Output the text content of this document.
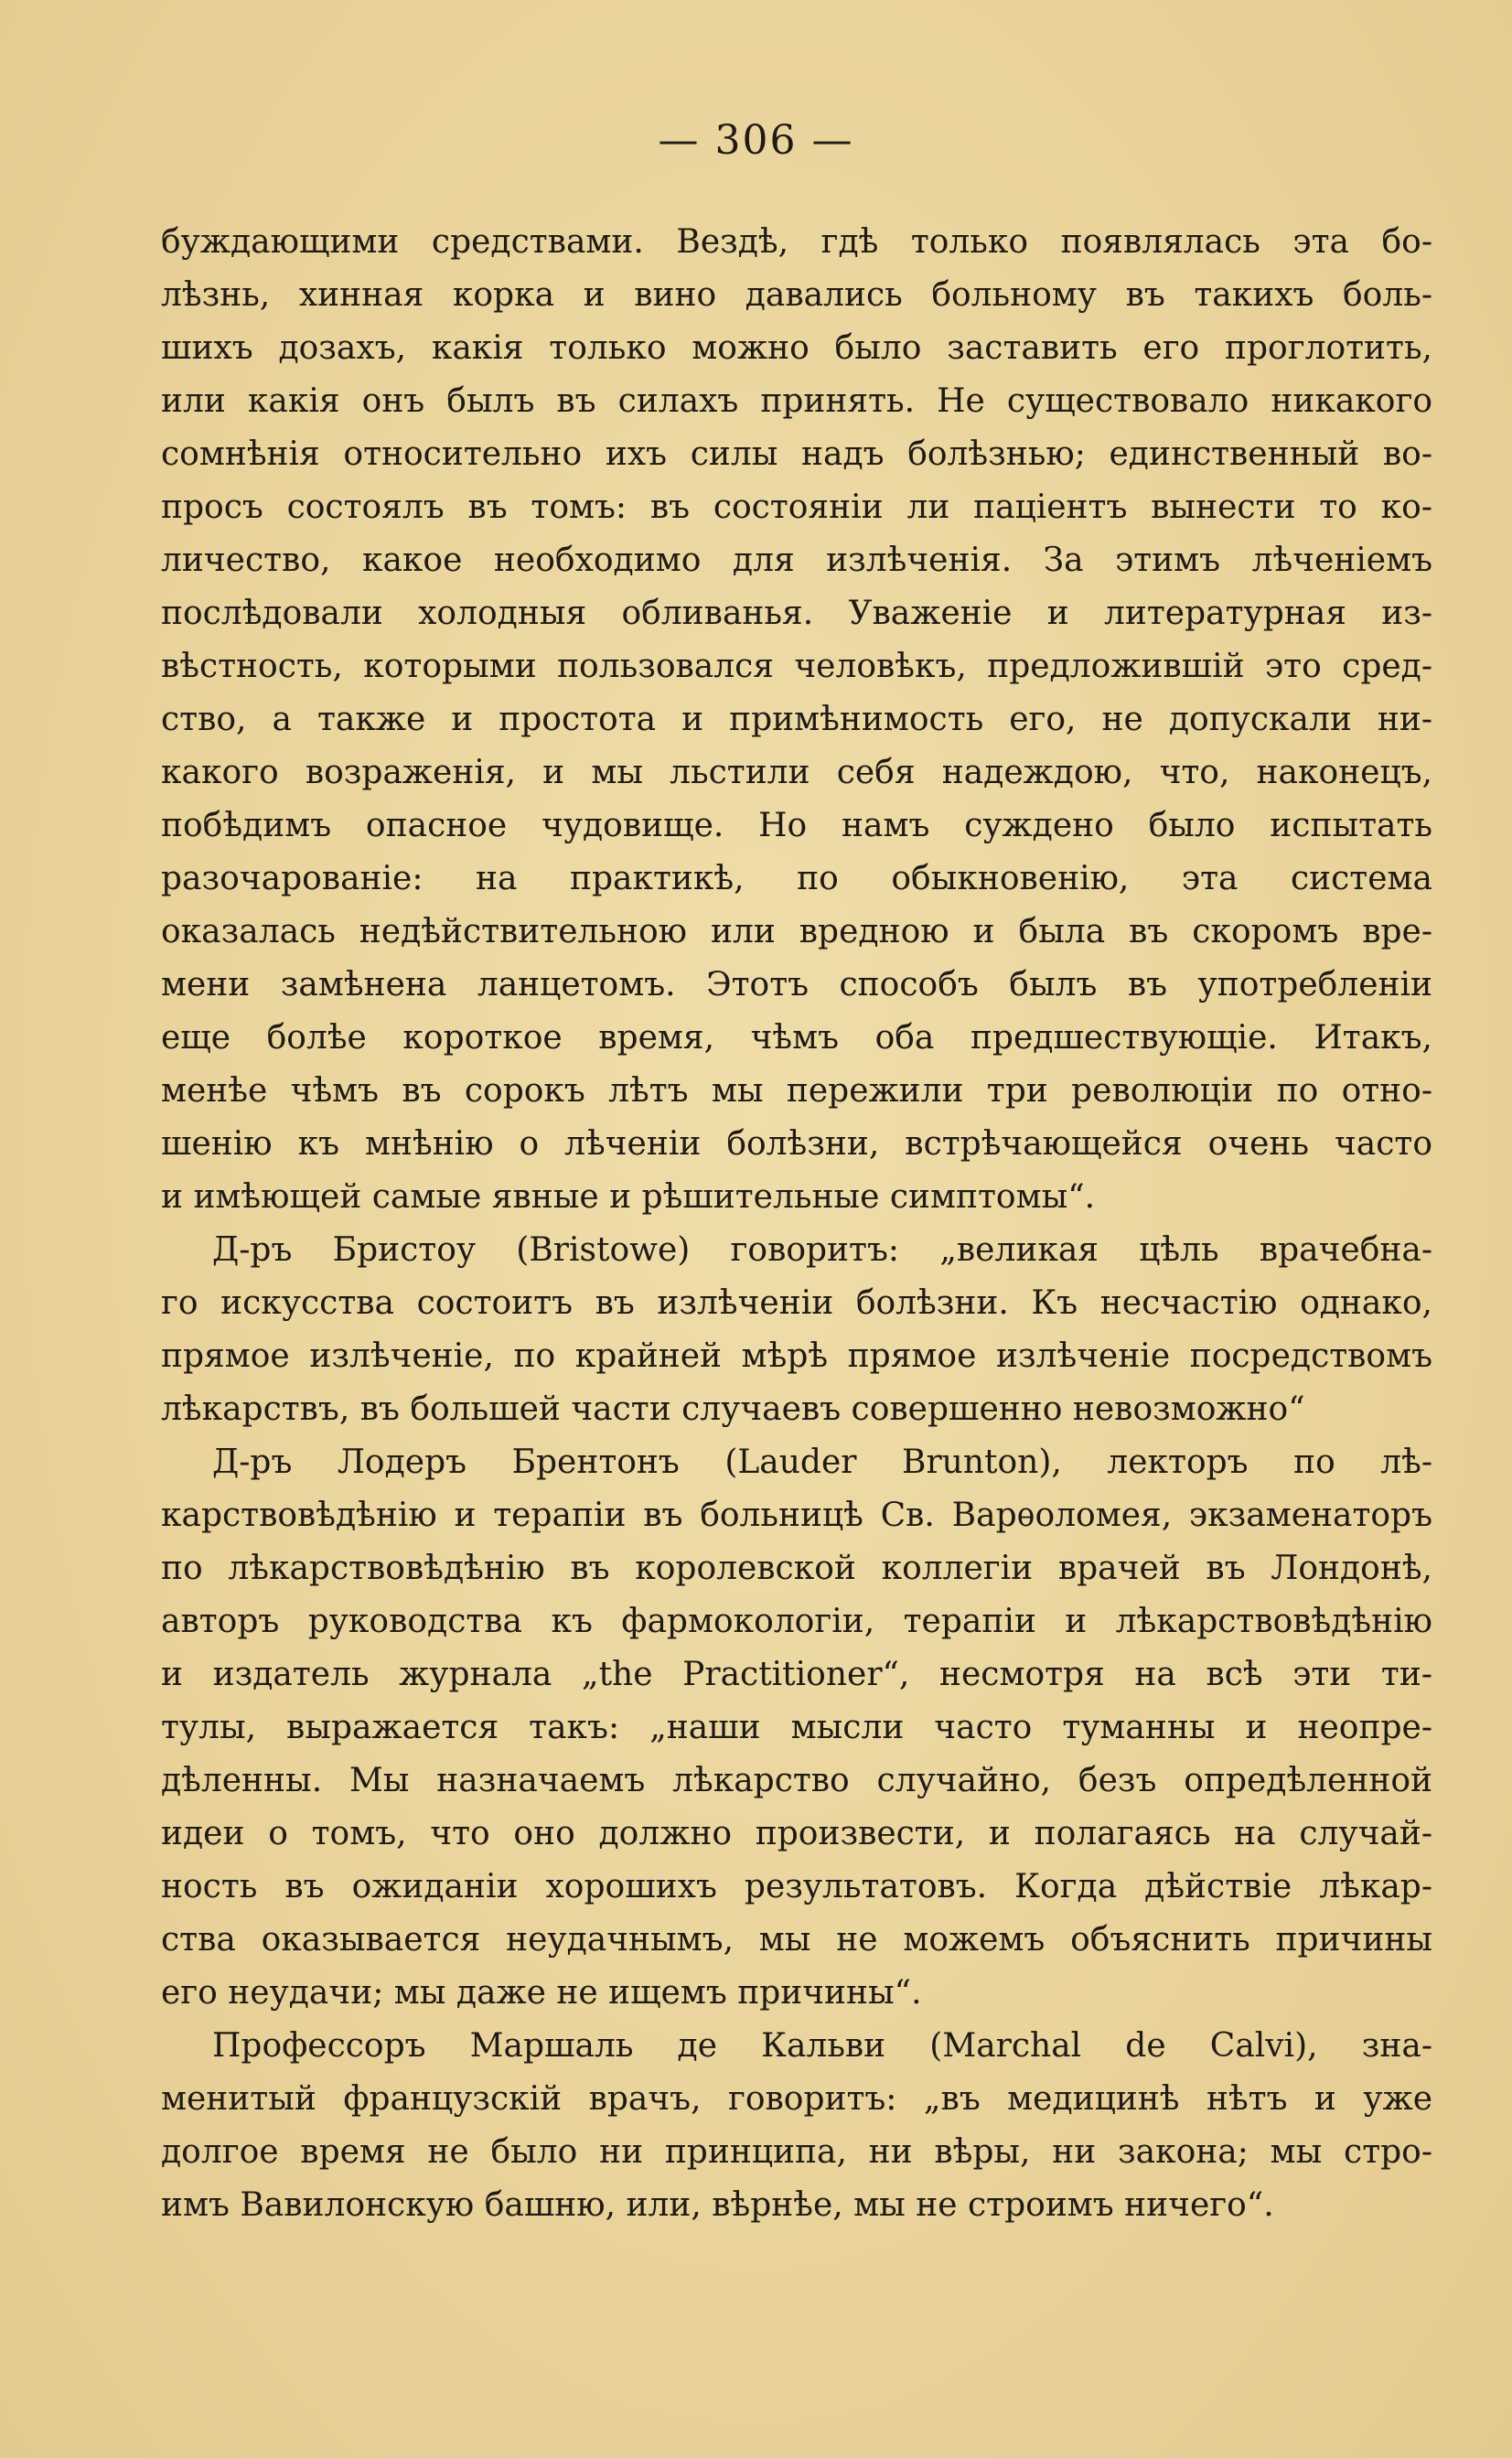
— 306 —
буждающими средствами. Вездѣ, гдѣ только появлялась эта бо-
лѣзнь, хинная корка и вино давались больному въ такихъ боль-
шихъ дозахъ, какія только можно было заставить его проглотить,
или какія онъ былъ въ силахъ принять. Не существовало никакого
сомнѣнія относительно ихъ силы надъ болѣзнью; единственный во-
просъ состоялъ въ томъ: въ состояніи ли паціентъ вынести то ко-
личество, какое необходимо для излѣченія. За этимъ лѣченіемъ
послѣдовали холодныя обливанья. Уваженіе и литературная из-
вѣстность, которыми пользовался человѣкъ, предложившій это сред-
ство, а также и простота и примѣнимость его, не допускали ни-
какого возраженія, и мы льстили себя надеждою, что, наконецъ,
побѣдимъ опасное чудовище. Но намъ суждено было испытать
разочарованіе: на практикѣ, по обыкновенію, эта система
оказалась недѣйствительною или вредною и была въ скоромъ вре-
мени замѣнена ланцетомъ. Этотъ способъ былъ въ употребленіи
еще болѣе короткое время, чѣмъ оба предшествующіе. Итакъ,
менѣе чѣмъ въ сорокъ лѣтъ мы пережили три революціи по отно-
шенію къ мнѣнію о лѣченіи болѣзни, встрѣчающейся очень часто
и имѣющей самые явные и рѣшительные симптомы“.
Д-ръ Бристоу (Bristowe) говоритъ: „великая цѣль врачебна-
го искусства состоитъ въ излѣченіи болѣзни. Къ несчастію однако,
прямое излѣченіе, по крайней мѣрѣ прямое излѣченіе посредствомъ
лѣкарствъ, въ большей части случаевъ совершенно невозможно“
Д-ръ Лодеръ Брентонъ (Lauder Brunton), лекторъ по лѣ-
карствовѣдѣнію и терапіи въ больницѣ Св. Варѳоломея, экзаменаторъ
по лѣкарствовѣдѣнію въ королевской коллегіи врачей въ Лондонѣ,
авторъ руководства къ фармокологіи, терапіи и лѣкарствовѣдѣнію
и издатель журнала „the Practitioner“, несмотря на всѣ эти ти-
тулы, выражается такъ: „наши мысли часто туманны и неопре-
дѣленны. Мы назначаемъ лѣкарство случайно, безъ опредѣленной
идеи о томъ, что оно должно произвести, и полагаясь на случай-
ность въ ожиданіи хорошихъ результатовъ. Когда дѣйствіе лѣкар-
ства оказывается неудачнымъ, мы не можемъ объяснить причины
его неудачи; мы даже не ищемъ причины“.
Профессоръ Маршаль де Кальви (Marchal de Calvi), зна-
менитый французскій врачъ, говоритъ: „въ медицинѣ нѣтъ и уже
долгое время не было ни принципа, ни вѣры, ни закона; мы стро-
имъ Вавилонскую башню, или, вѣрнѣе, мы не строимъ ничего“.
